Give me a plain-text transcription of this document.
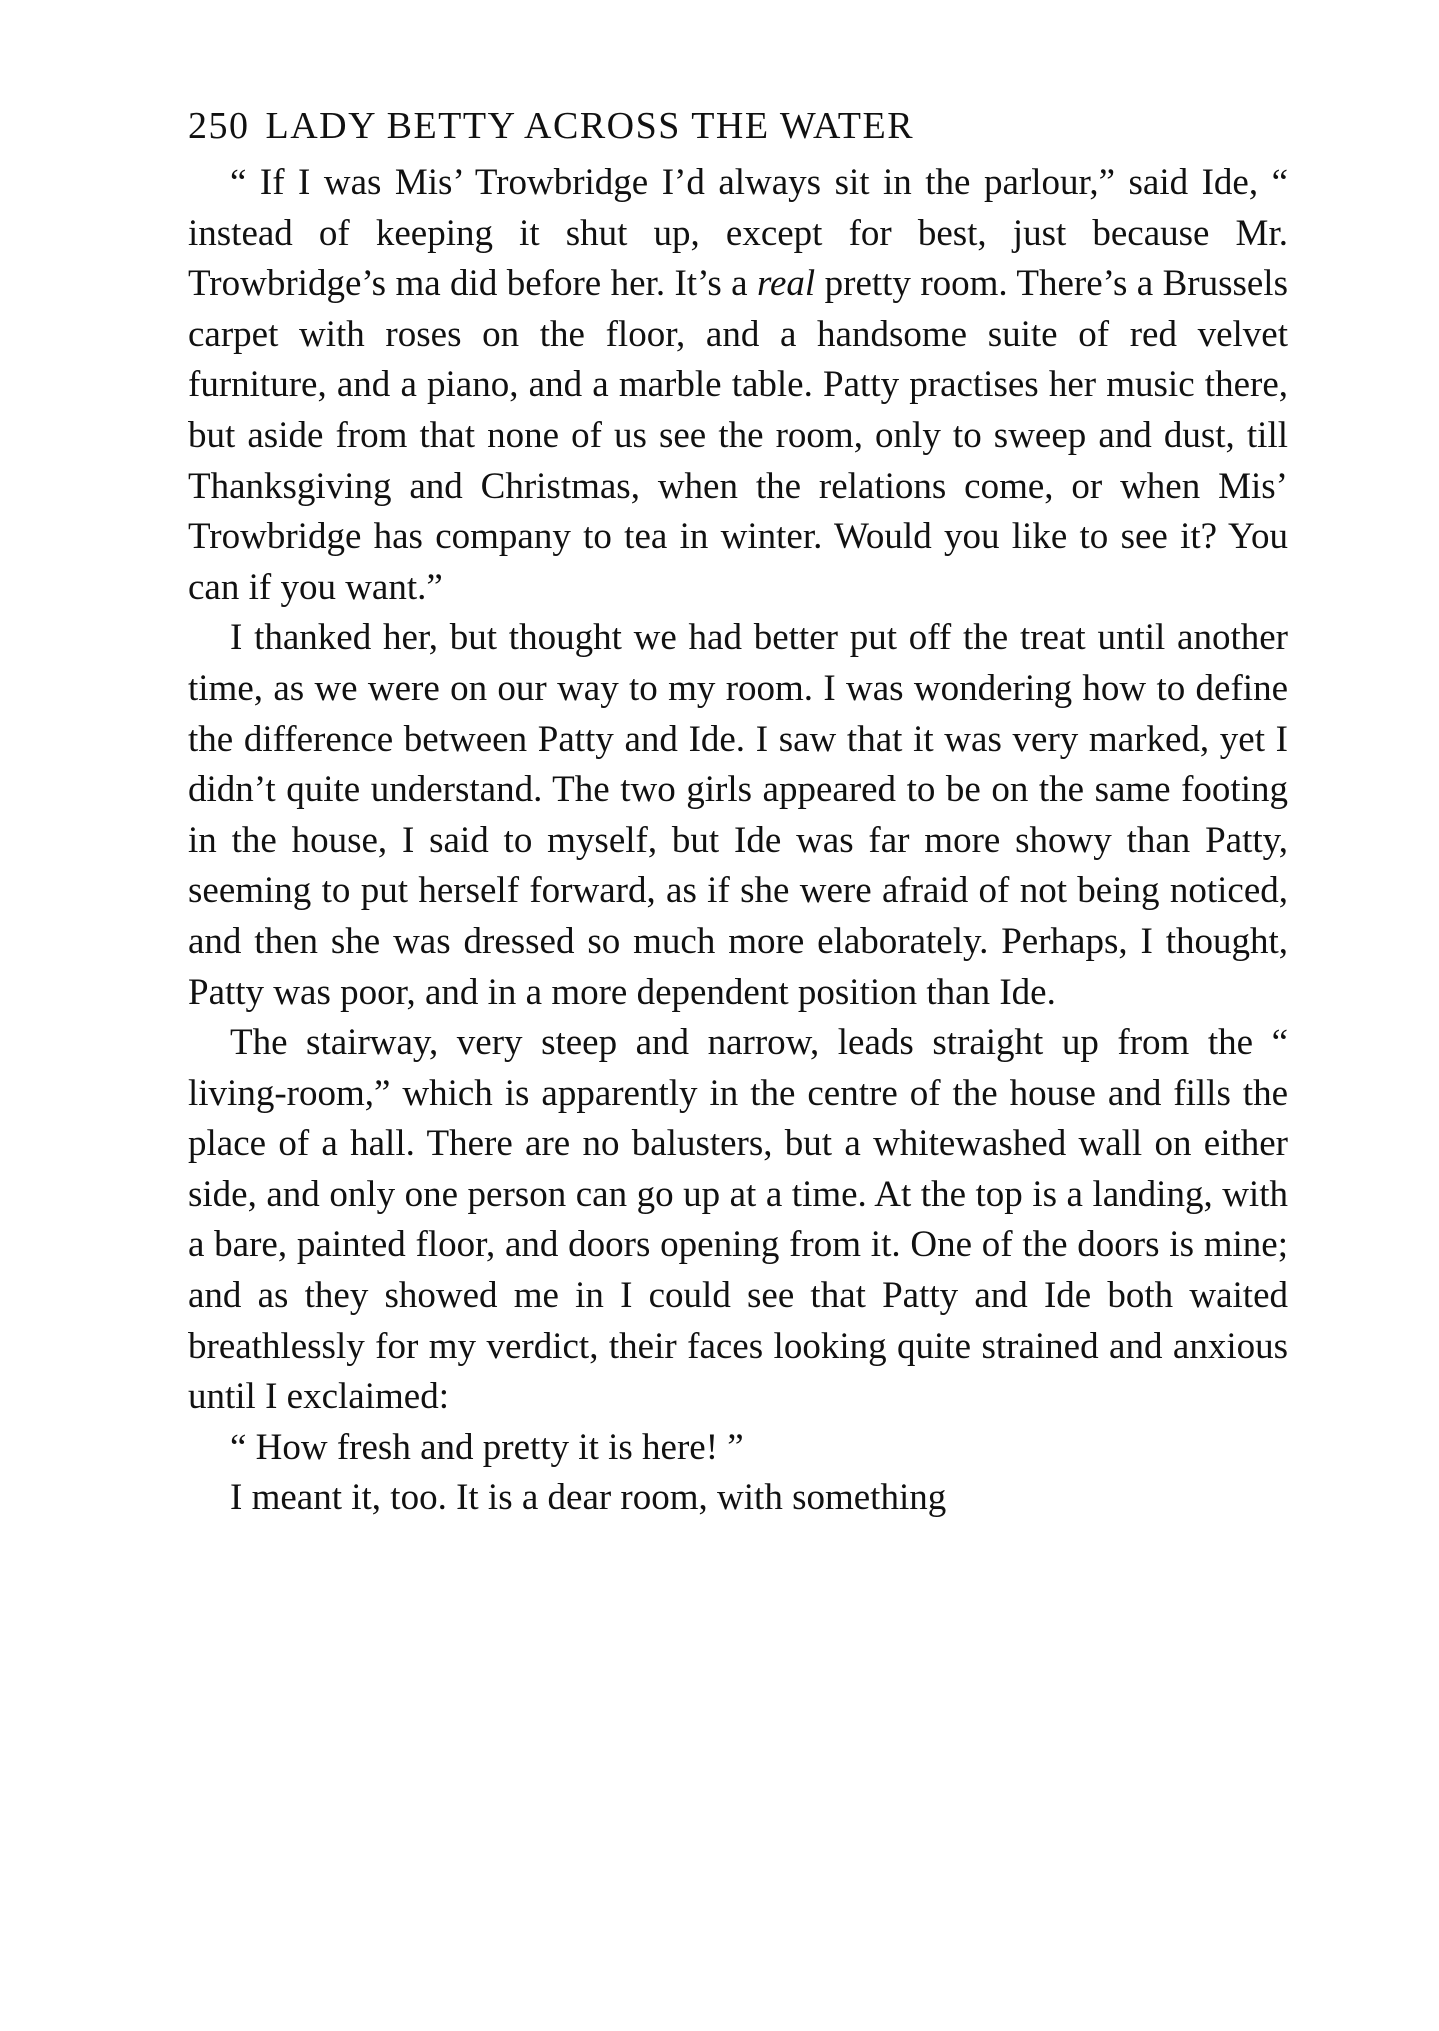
250 LADY BETTY ACROSS THE WATER

“ If I was Mis’ Trowbridge I’d always sit in the parlour,” said Ide, “ instead of keeping it shut up, except for best, just because Mr. Trowbridge’s ma did before her. It’s a real pretty room. There’s a Brussels carpet with roses on the floor, and a handsome suite of red velvet furniture, and a piano, and a marble table. Patty practises her music there, but aside from that none of us see the room, only to sweep and dust, till Thanksgiving and Christmas, when the relations come, or when Mis’ Trowbridge has company to tea in winter. Would you like to see it? You can if you want.”

I thanked her, but thought we had better put off the treat until another time, as we were on our way to my room. I was wondering how to define the difference between Patty and Ide. I saw that it was very marked, yet I didn’t quite understand. The two girls appeared to be on the same footing in the house, I said to myself, but Ide was far more showy than Patty, seeming to put herself forward, as if she were afraid of not being noticed, and then she was dressed so much more elaborately. Perhaps, I thought, Patty was poor, and in a more dependent position than Ide.

The stairway, very steep and narrow, leads straight up from the “ living-room,” which is apparently in the centre of the house and fills the place of a hall. There are no balusters, but a whitewashed wall on either side, and only one person can go up at a time. At the top is a landing, with a bare, painted floor, and doors opening from it. One of the doors is mine; and as they showed me in I could see that Patty and Ide both waited breathlessly for my verdict, their faces looking quite strained and anxious until I exclaimed:

“ How fresh and pretty it is here! ”

I meant it, too. It is a dear room, with something
